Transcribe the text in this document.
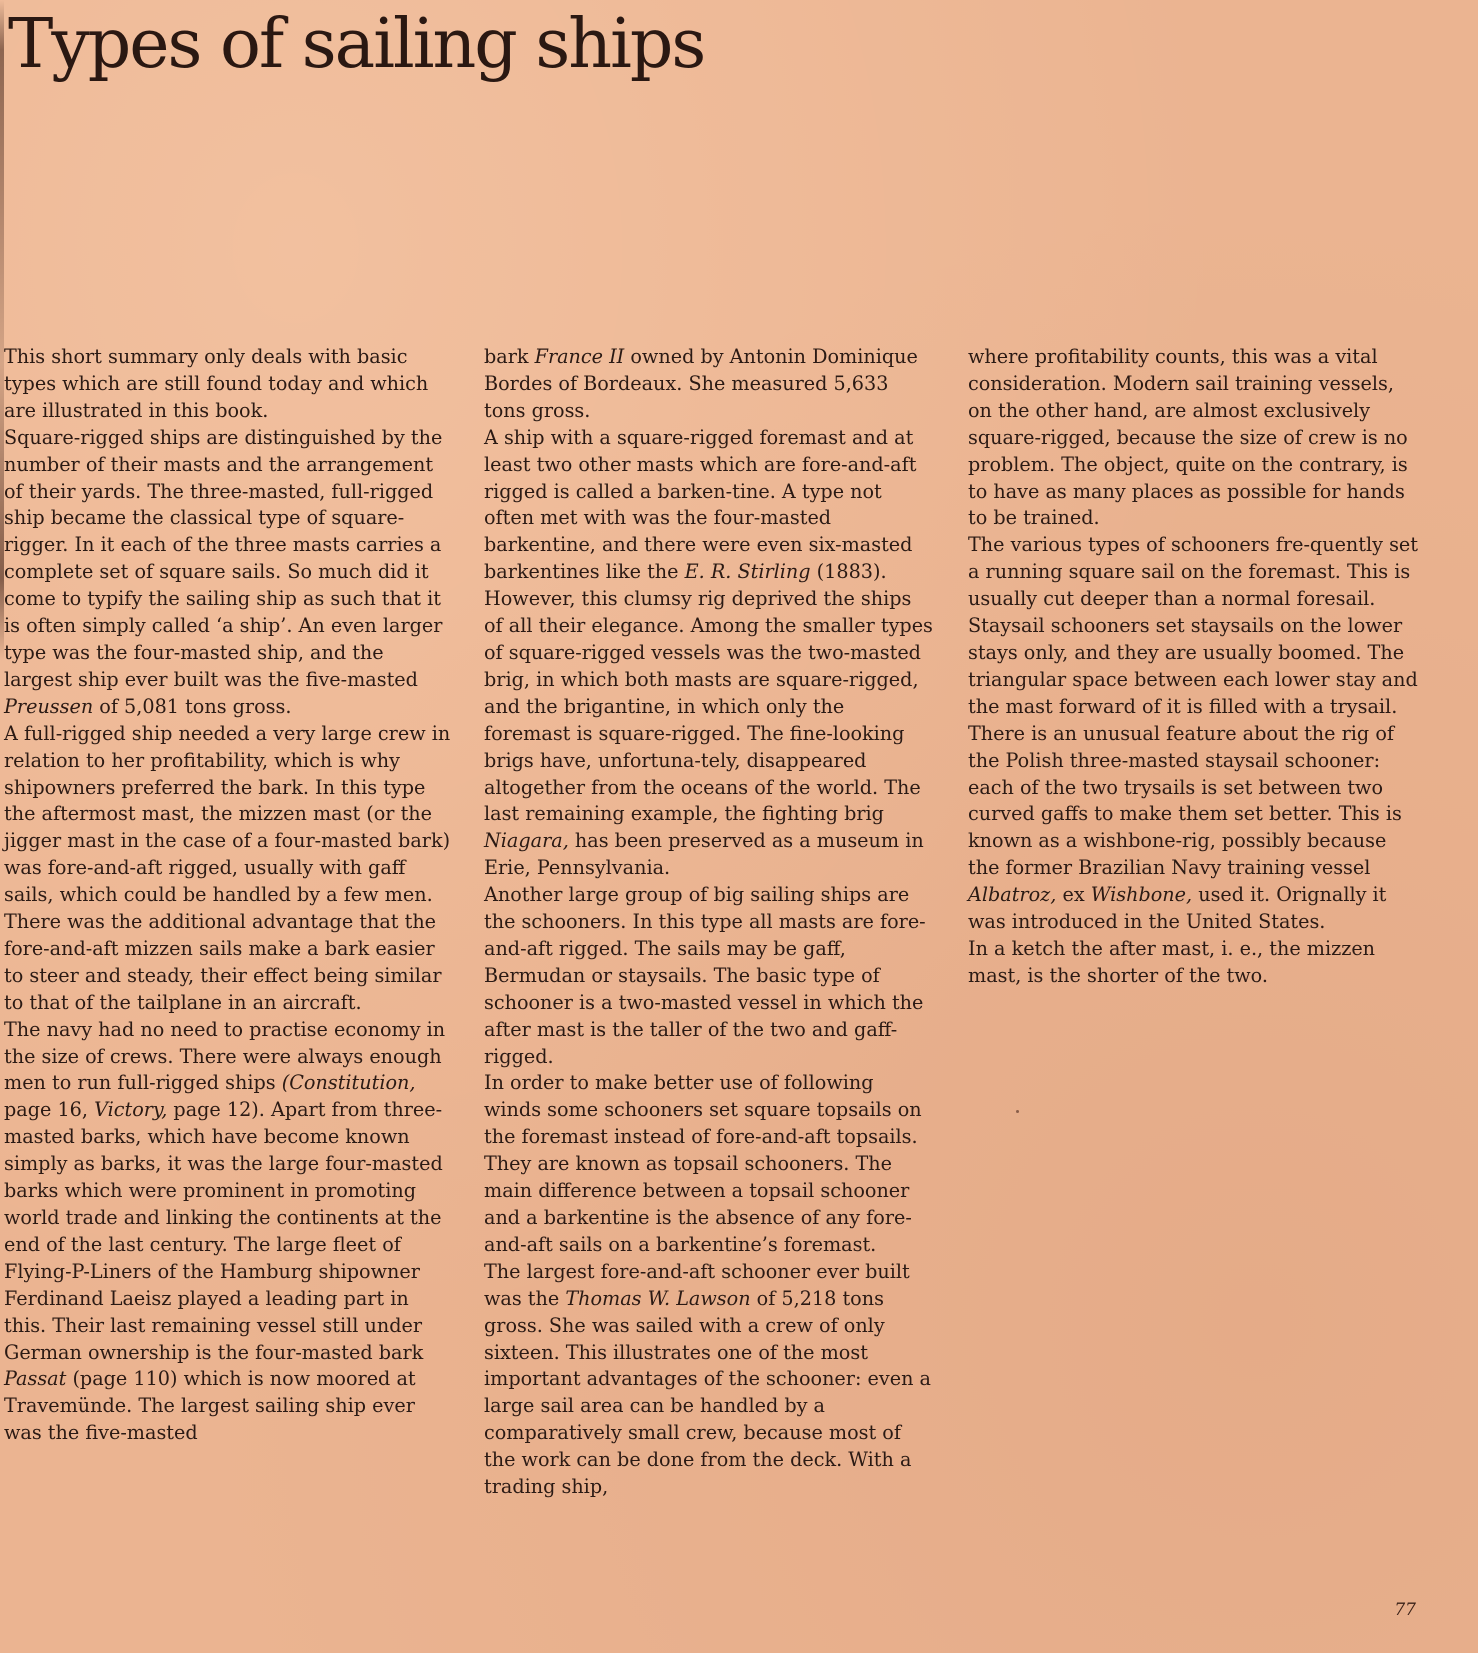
Types of sailing ships

This short summary only deals with basic types which are still found today and which are illustrated in this book.

Square-rigged ships are distinguished by the number of their masts and the arrangement of their yards. The three-masted, full-rigged ship became the classical type of square-rigger. In it each of the three masts carries a complete set of square sails. So much did it come to typify the sailing ship as such that it is often simply called ‘a ship’. An even larger type was the four-masted ship, and the largest ship ever built was the five-masted Preussen of 5,081 tons gross.

A full-rigged ship needed a very large crew in relation to her profitability, which is why shipowners preferred the bark. In this type the aftermost mast, the mizzen mast (or the jigger mast in the case of a four-masted bark) was fore-and-aft rigged, usually with gaff sails, which could be handled by a few men. There was the additional advantage that the fore-and-aft mizzen sails make a bark easier to steer and steady, their effect being similar to that of the tailplane in an aircraft.

The navy had no need to practise economy in the size of crews. There were always enough men to run full-rigged ships (Constitution, page 16, Victory, page 12). Apart from three-masted barks, which have become known simply as barks, it was the large four-masted barks which were prominent in promoting world trade and linking the continents at the end of the last century. The large fleet of Flying-P-Liners of the Hamburg shipowner Ferdinand Laeisz played a leading part in this. Their last remaining vessel still under German ownership is the four-masted bark Passat (page 110) which is now moored at Travemünde. The largest sailing ship ever was the five-masted

bark France II owned by Antonin Dominique Bordes of Bordeaux. She measured 5,633 tons gross.

A ship with a square-rigged foremast and at least two other masts which are fore-and-aft rigged is called a barken-tine. A type not often met with was the four-masted barkentine, and there were even six-masted barkentines like the E. R. Stirling (1883). However, this clumsy rig deprived the ships of all their elegance. Among the smaller types of square-rigged vessels was the two-masted brig, in which both masts are square-rigged, and the brigantine, in which only the foremast is square-rigged. The fine-looking brigs have, unfortuna-tely, disappeared altogether from the oceans of the world. The last remaining example, the fighting brig Niagara, has been preserved as a museum in Erie, Pennsylvania.

Another large group of big sailing ships are the schooners. In this type all masts are fore-and-aft rigged. The sails may be gaff, Bermudan or staysails. The basic type of schooner is a two-masted vessel in which the after mast is the taller of the two and gaff-rigged.

In order to make better use of following winds some schooners set square topsails on the foremast instead of fore-and-aft topsails. They are known as topsail schooners. The main difference between a topsail schooner and a barkentine is the absence of any fore-and-aft sails on a barkentine’s foremast.

The largest fore-and-aft schooner ever built was the Thomas W. Lawson of 5,218 tons gross. She was sailed with a crew of only sixteen. This illustrates one of the most important advantages of the schooner: even a large sail area can be handled by a comparatively small crew, because most of the work can be done from the deck. With a trading ship,

where profitability counts, this was a vital consideration. Modern sail training vessels, on the other hand, are almost exclusively square-rigged, because the size of crew is no problem. The object, quite on the contrary, is to have as many places as possible for hands to be trained.

The various types of schooners fre-quently set a running square sail on the foremast. This is usually cut deeper than a normal foresail. Staysail schooners set staysails on the lower stays only, and they are usually boomed. The triangular space between each lower stay and the mast forward of it is filled with a trysail. There is an unusual feature about the rig of the Polish three-masted staysail schooner: each of the two trysails is set between two curved gaffs to make them set better. This is known as a wishbone-rig, possibly because the former Brazilian Navy training vessel Albatroz, ex Wishbone, used it. Orignally it was introduced in the United States.

In a ketch the after mast, i. e., the mizzen mast, is the shorter of the two.

77
